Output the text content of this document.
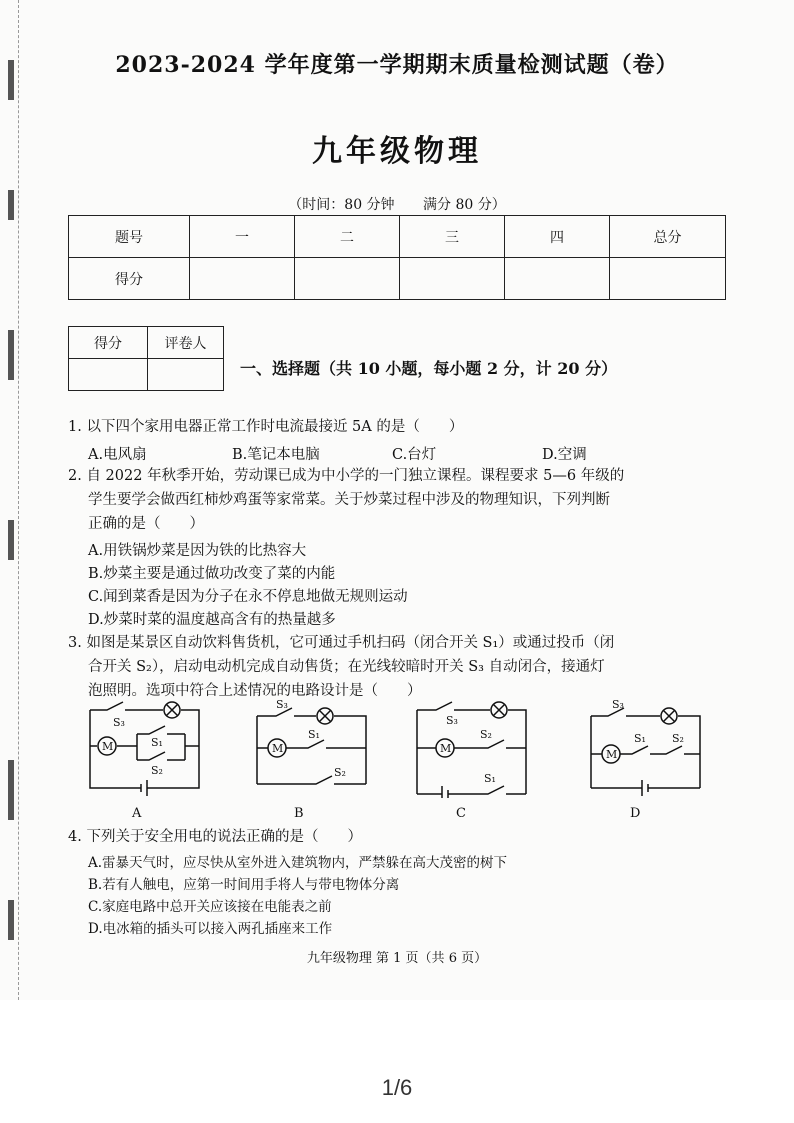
2023-2024 学年度第一学期期末质量检测试题（卷）
九年级物理
（时间：80 分钟 满分 80 分）
题号	一	二	三	四	总分
得分					
得分	评卷人

一、选择题（共 10 小题，每小题 2 分，计 20 分）
1. 以下四个家用电器正常工作时电流最接近 5A 的是（　　）
A.电风扇	B.笔记本电脑	C.台灯	D.空调
2. 自 2022 年秋季开始，劳动课已成为中小学的一门独立课程。课程要求 5—6 年级的
学生要学会做西红柿炒鸡蛋等家常菜。关于炒菜过程中涉及的物理知识，下列判断
正确的是（　　）
A.用铁锅炒菜是因为铁的比热容大
B.炒菜主要是通过做功改变了菜的内能
C.闻到菜香是因为分子在永不停息地做无规则运动
D.炒菜时菜的温度越高含有的热量越多
3. 如图是某景区自动饮料售货机，它可通过手机扫码（闭合开关 S₁）或通过投币（闭
合开关 S₂），启动电动机完成自动售货；在光线较暗时开关 S₃ 自动闭合，接通灯
泡照明。选项中符合上述情况的电路设计是（　　）
M
S₃
S₁
S₂
M
S₃
S₁
S₂
M
S₃
S₂
S₁
M
S₃
S₁ S₂
A	B	C	D
4. 下列关于安全用电的说法正确的是（　　）
A.雷暴天气时，应尽快从室外进入建筑物内，严禁躲在高大茂密的树下
B.若有人触电，应第一时间用手将人与带电物体分离
C.家庭电路中总开关应该接在电能表之前
D.电冰箱的插头可以接入两孔插座来工作
九年级物理 第 1 页（共 6 页）
1/6
